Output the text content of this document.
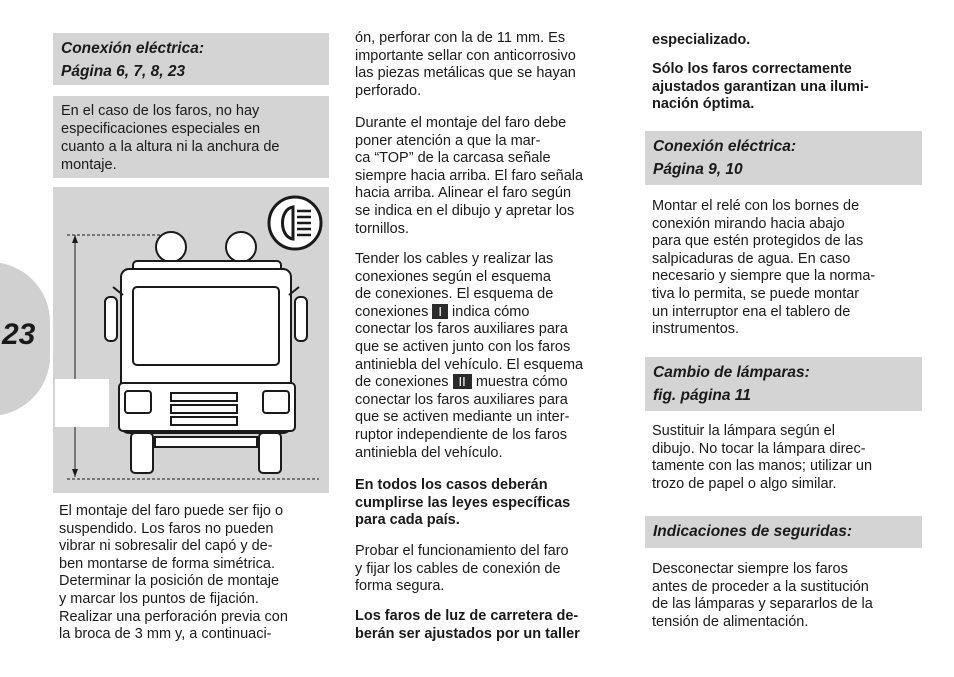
23
Conexión eléctrica:
Página 6, 7, 8, 23
En el caso de los faros, no hay
especificaciones especiales en
cuanto a la altura ni la anchura de
montaje.
El montaje del faro puede ser fijo o
suspendido. Los faros no pueden
vibrar ni sobresalir del capó y de-
ben montarse de forma simétrica.
Determinar la posición de montaje
y marcar los puntos de fijación.
Realizar una perforación previa con
la broca de 3 mm y, a continuaci-
ón, perforar con la de 11 mm. Es
importante sellar con anticorrosivo
las piezas metálicas que se hayan
perforado.
Durante el montaje del faro debe
poner atención a que la mar-
ca “TOP” de la carcasa señale
siempre hacia arriba. El faro señala
hacia arriba. Alinear el faro según
se indica en el dibujo y apretar los
tornillos.
Tender los cables y realizar las
conexiones según el esquema
de conexiones. El esquema de
conexiones I indica cómo
conectar los faros auxiliares para
que se activen junto con los faros
antiniebla del vehículo. El esquema
de conexiones II muestra cómo
conectar los faros auxiliares para
que se activen mediante un inter-
ruptor independiente de los faros
antiniebla del vehículo.
En todos los casos deberán
cumplirse las leyes específicas
para cada país.
Probar el funcionamiento del faro
y fijar los cables de conexión de
forma segura.
Los faros de luz de carretera de-
berán ser ajustados por un taller
especializado.
Sólo los faros correctamente
ajustados garantizan una ilumi-
nación óptima.
Conexión eléctrica:
Página 9, 10
Montar el relé con los bornes de
conexión mirando hacia abajo
para que estén protegidos de las
salpicaduras de agua. En caso
necesario y siempre que la norma-
tiva lo permita, se puede montar
un interruptor ena el tablero de
instrumentos.
Cambio de lámparas:
fig. página 11
Sustituir la lámpara según el
dibujo. No tocar la lámpara direc-
tamente con las manos; utilizar un
trozo de papel o algo similar.
Indicaciones de seguridas:
Desconectar siempre los faros
antes de proceder a la sustitución
de las lámparas y separarlos de la
tensión de alimentación.
